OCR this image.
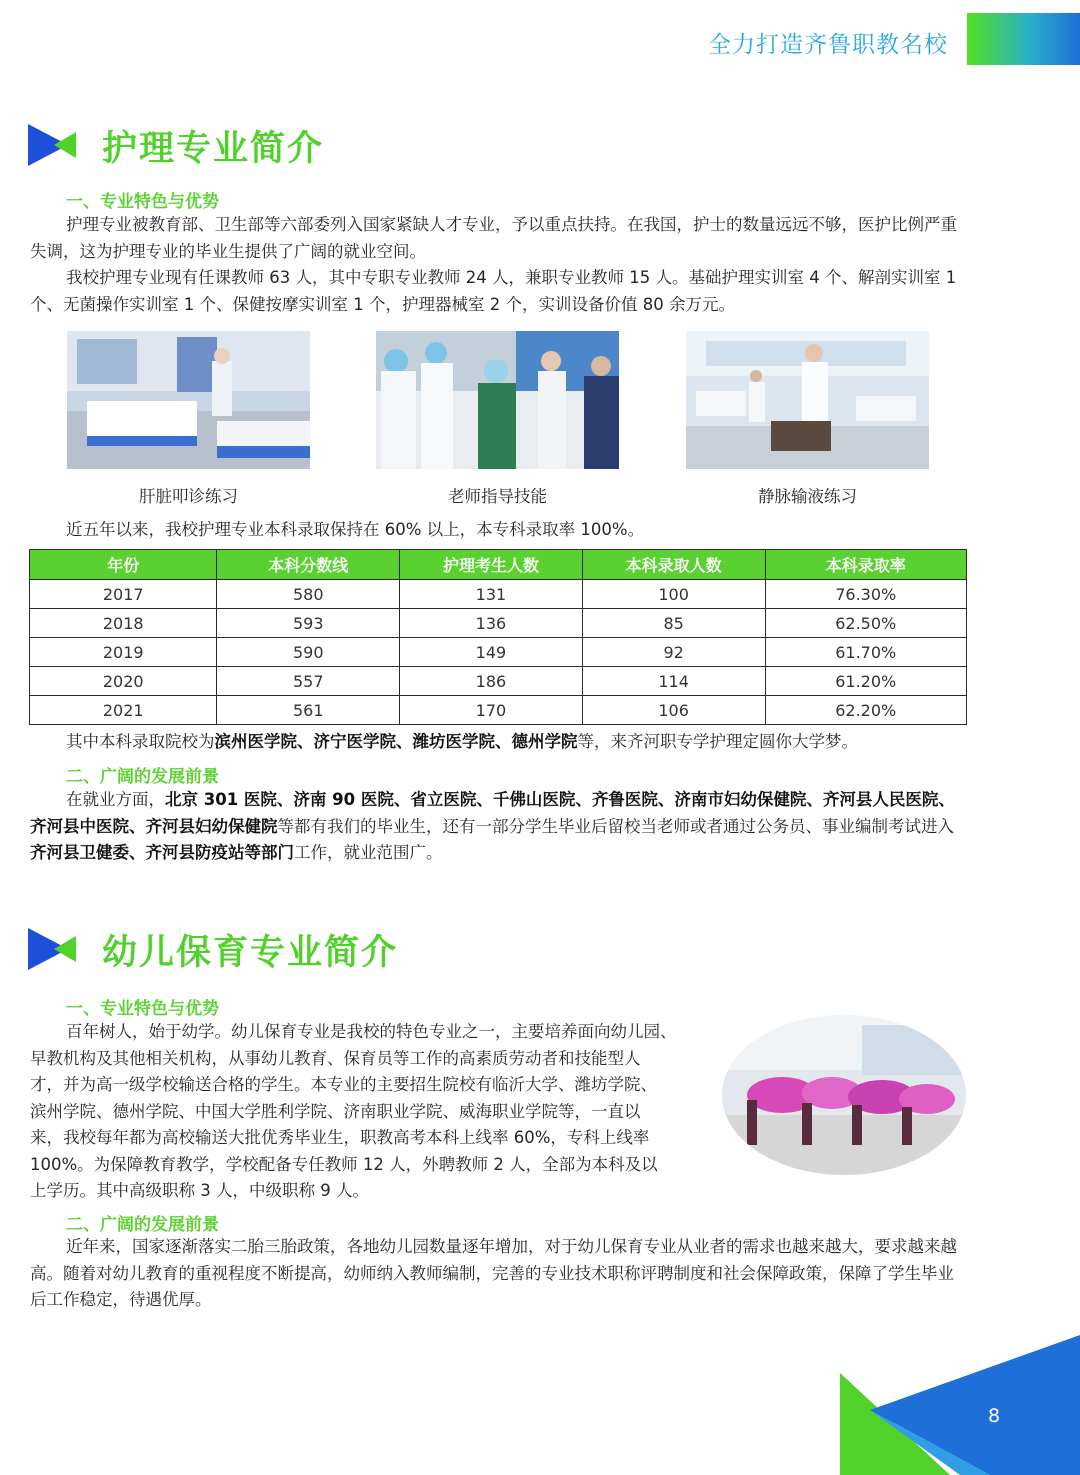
全力打造齐鲁职教名校
护理专业简介
一、专业特色与优势
护理专业被教育部、卫生部等六部委列入国家紧缺人才专业，予以重点扶持。在我国，护士的数量远远不够，医护比例严重失调，这为护理专业的毕业生提供了广阔的就业空间。
我校护理专业现有任课教师 63 人，其中专职专业教师 24 人，兼职专业教师 15 人。基础护理实训室 4 个、解剖实训室 1 个、无菌操作实训室 1 个、保健按摩实训室 1 个，护理器械室 2 个，实训设备价值 80 余万元。
肝脏叩诊练习	老师指导技能	静脉输液练习
近五年以来，我校护理专业本科录取保持在 60% 以上，本专科录取率 100%。
年份	本科分数线	护理考生人数	本科录取人数	本科录取率
2017	580	131	100	76.30%
2018	593	136	85	62.50%
2019	590	149	92	61.70%
2020	557	186	114	61.20%
2021	561	170	106	62.20%
其中本科录取院校为滨州医学院、济宁医学院、潍坊医学院、德州学院等，来齐河职专学护理定圆你大学梦。
二、广阔的发展前景
在就业方面，北京 301 医院、济南 90 医院、省立医院、千佛山医院、齐鲁医院、济南市妇幼保健院、齐河县人民医院、齐河县中医院、齐河县妇幼保健院等都有我们的毕业生，还有一部分学生毕业后留校当老师或者通过公务员、事业编制考试进入齐河县卫健委、齐河县防疫站等部门工作，就业范围广。
幼儿保育专业简介
一、专业特色与优势
百年树人，始于幼学。幼儿保育专业是我校的特色专业之一，主要培养面向幼儿园、
早教机构及其他相关机构，从事幼儿教育、保育员等工作的高素质劳动者和技能型人
才，并为高一级学校输送合格的学生。本专业的主要招生院校有临沂大学、潍坊学院、
滨州学院、德州学院、中国大学胜利学院、济南职业学院、威海职业学院等，一直以
来，我校每年都为高校输送大批优秀毕业生，职教高考本科上线率 60%，专科上线率
100%。为保障教育教学，学校配备专任教师 12 人，外聘教师 2 人，全部为本科及以
上学历。其中高级职称 3 人，中级职称 9 人。
二、广阔的发展前景
近年来，国家逐渐落实二胎三胎政策，各地幼儿园数量逐年增加，对于幼儿保育专业从业者的需求也越来越大，要求越来越高。随着对幼儿教育的重视程度不断提高，幼师纳入教师编制，完善的专业技术职称评聘制度和社会保障政策，保障了学生毕业后工作稳定，待遇优厚。
8
